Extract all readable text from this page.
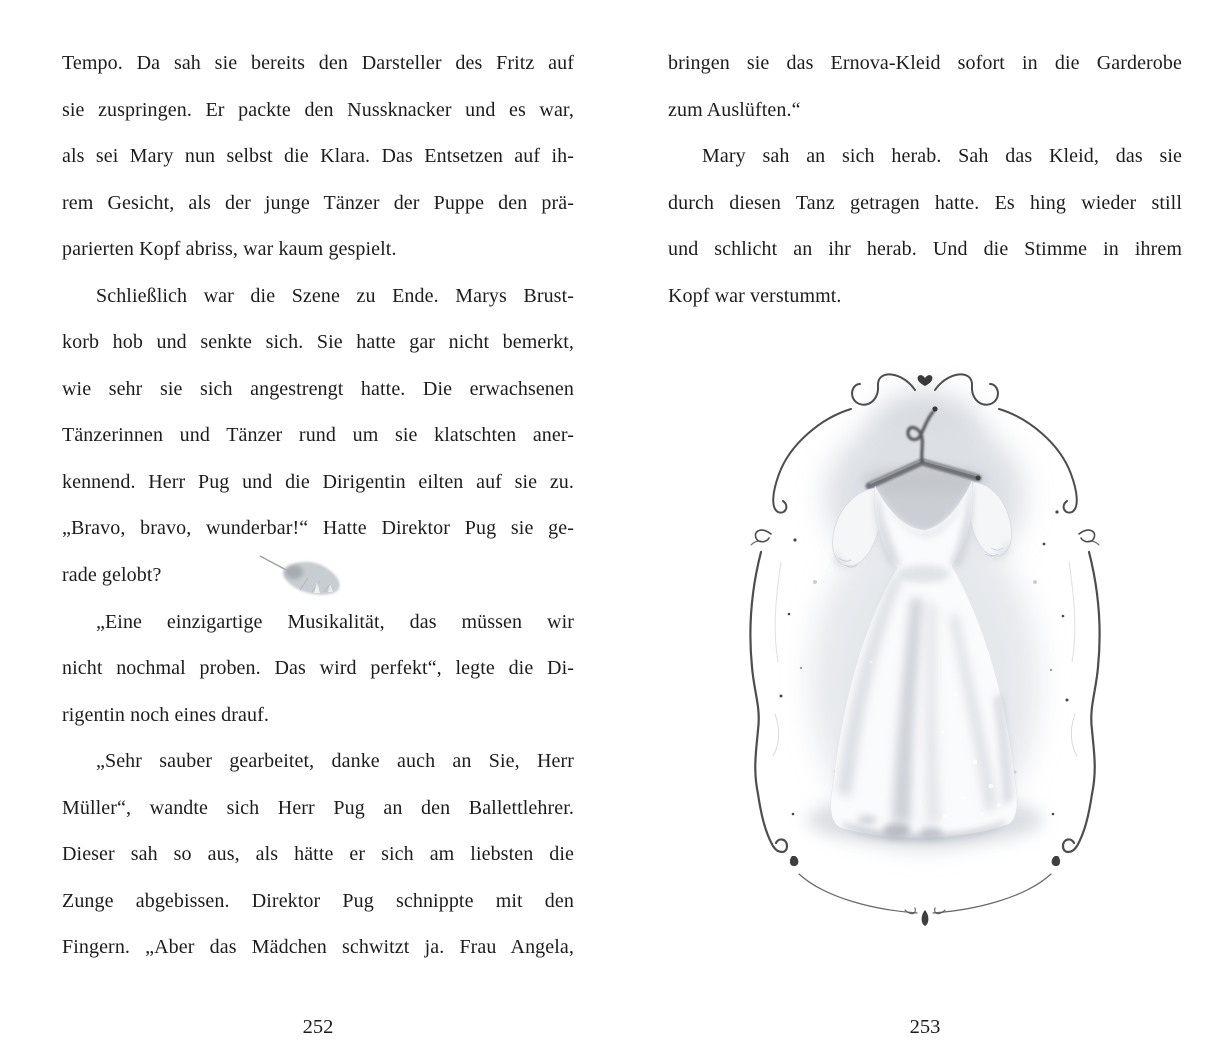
Tempo. Da sah sie bereits den Darsteller des Fritz auf
sie zuspringen. Er packte den Nussknacker und es war,
als sei Mary nun selbst die Klara. Das Entsetzen auf ih-
rem Gesicht, als der junge Tänzer der Puppe den prä-
parierten Kopf abriss, war kaum gespielt.
Schließlich war die Szene zu Ende. Marys Brust-
korb hob und senkte sich. Sie hatte gar nicht bemerkt,
wie sehr sie sich angestrengt hatte. Die erwachsenen
Tänzerinnen und Tänzer rund um sie klatschten aner-
kennend. Herr Pug und die Dirigentin eilten auf sie zu.
„Bravo, bravo, wunderbar!“ Hatte Direktor Pug sie ge-
rade gelobt?
„Eine einzigartige Musikalität, das müssen wir
nicht nochmal proben. Das wird perfekt“, legte die Di-
rigentin noch eines drauf.
„Sehr sauber gearbeitet, danke auch an Sie, Herr
Müller“, wandte sich Herr Pug an den Ballettlehrer.
Dieser sah so aus, als hätte er sich am liebsten die
Zunge abgebissen. Direktor Pug schnippte mit den
Fingern. „Aber das Mädchen schwitzt ja. Frau Angela,
252
bringen sie das Ernova-Kleid sofort in die Garderobe
zum Auslüften.“
Mary sah an sich herab. Sah das Kleid, das sie
durch diesen Tanz getragen hatte. Es hing wieder still
und schlicht an ihr herab. Und die Stimme in ihrem
Kopf war verstummt.
253
